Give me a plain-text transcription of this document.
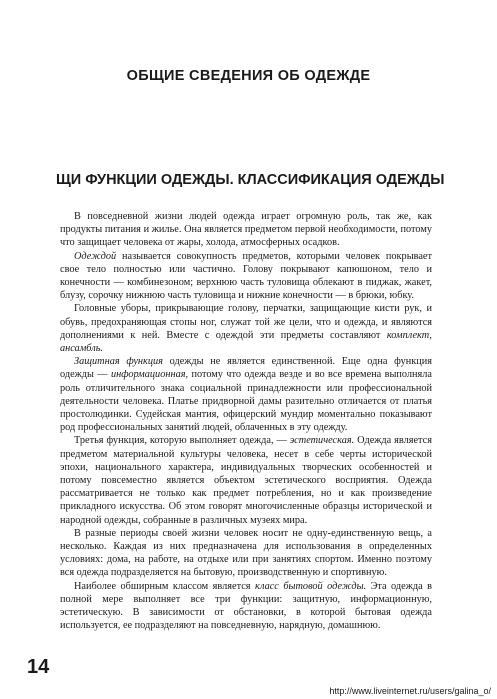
ОБЩИЕ СВЕДЕНИЯ ОБ ОДЕЖДЕ
ЩИ ФУНКЦИИ ОДЕЖДЫ. КЛАССИФИКАЦИЯ ОДЕЖДЫ

В повседневной жизни людей одежда играет огромную роль, так же, как продукты питания и жилье. Она является предметом первой необходимости, потому что защищает человека от жары, холода, атмосферных осадков.

Одеждой называется совокупность предметов, которыми человек покрывает свое тело полностью или частично. Голову покрывают капюшоном, тело и конечности — комбинезоном; верхнюю часть туловища облекают в пиджак, жакет, блузу, сорочку нижнюю часть туловища и нижние конечности — в брюки, юбку.

Головные уборы, прикрывающие голову, перчатки, защищающие кисти рук, и обувь, предохраняющая стопы ног, служат той же цели, что и одежда, и являются дополнениями к ней. Вместе с одеждой эти предметы составляют комплект, ансамбль.

Защитная функция одежды не является единственной. Еще одна функция одежды — информационная, потому что одежда везде и во все времена выполняла роль отличительного знака социальной принадлежности или профессиональной деятельности человека. Платье придворной дамы разительно отличается от платья простолюдинки. Судейская мантия, офицерский мундир моментально показывают род профессиональных занятий людей, облаченных в эту одежду.

Третья функция, которую выполняет одежда, — эстетическая. Одежда является предметом материальной культуры человека, несет в себе черты исторической эпохи, национального характера, индивидуальных творческих особенностей и потому повсеместно является объектом эстетического восприятия. Одежда рассматривается не только как предмет потребления, но и как произведение прикладного искусства. Об этом говорят многочисленные образцы исторической и народной одежды, собранные в различных музеях мира.

В разные периоды своей жизни человек носит не одну-единственную вещь, а несколько. Каждая из них предназначена для использования в определенных условиях: дома, на работе, на отдыхе или при занятиях спортом. Именно поэтому вся одежда подразделяется на бытовую, производственную и спортивную.

Наиболее обширным классом является класс бытовой одежды. Эта одежда в полной мере выполняет все три функции: защитную, информационную, эстетическую. В зависимости от обстановки, в которой бытовая одежда используется, ее подразделяют на повседневную, нарядную, домашнюю.

14
http://www.liveinternet.ru/users/galina_o/
